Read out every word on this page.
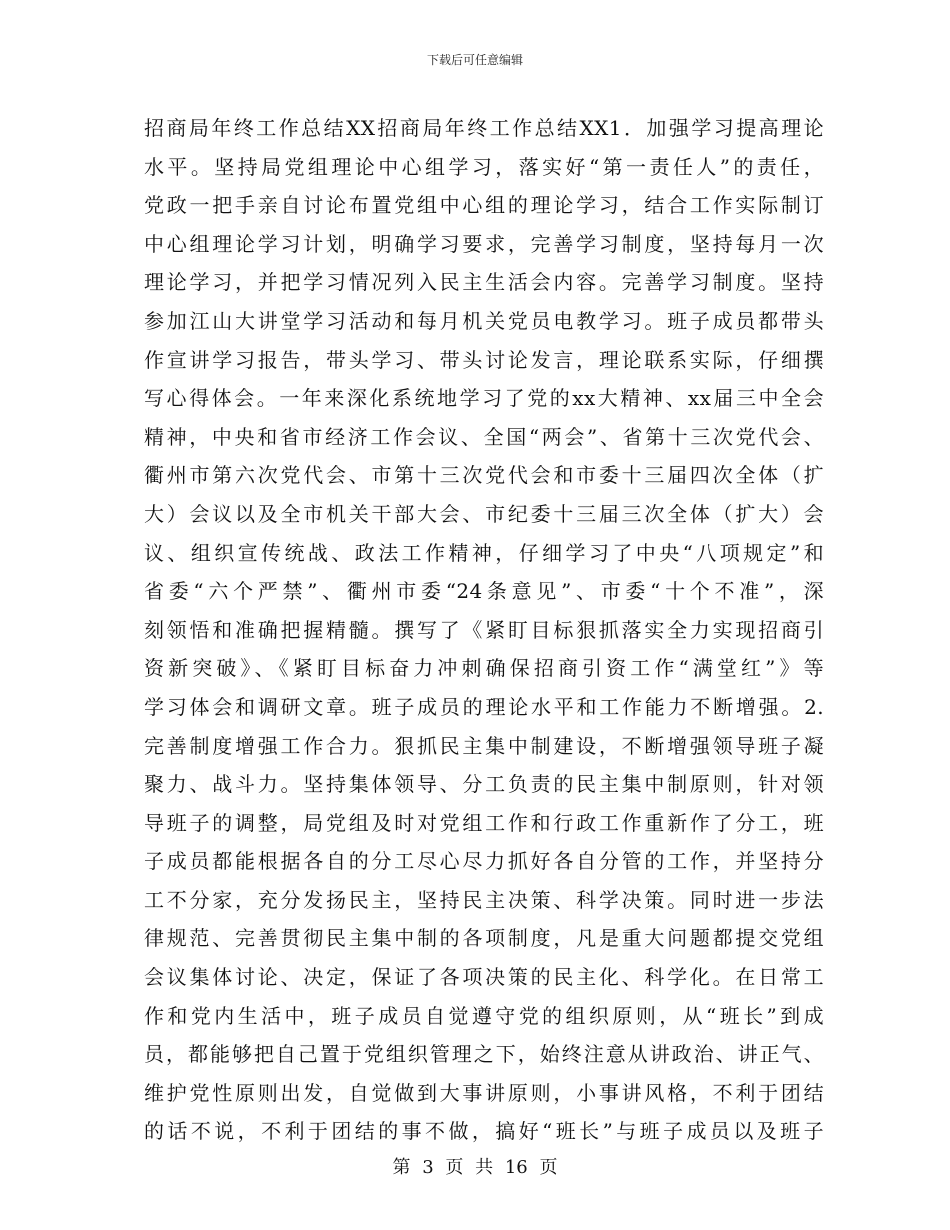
下载后可任意编辑
招商局年终工作总结XX招商局年终工作总结XX1．加强学习提高理论
水平。坚持局党组理论中心组学习，落实好“第一责任人”的责任，
党政一把手亲自讨论布置党组中心组的理论学习，结合工作实际制订
中心组理论学习计划，明确学习要求，完善学习制度，坚持每月一次
理论学习，并把学习情况列入民主生活会内容。完善学习制度。坚持
参加江山大讲堂学习活动和每月机关党员电教学习。班子成员都带头
作宣讲学习报告，带头学习、带头讨论发言，理论联系实际，仔细撰
写心得体会。一年来深化系统地学习了党的xx大精神、xx届三中全会
精神，中央和省市经济工作会议、全国“两会”、省第十三次党代会、
衢州市第六次党代会、市第十三次党代会和市委十三届四次全体（扩
大）会议以及全市机关干部大会、市纪委十三届三次全体（扩大）会
议、组织宣传统战、政法工作精神，仔细学习了中央“八项规定”和
省委“六个严禁”、衢州市委“24条意见”、市委“十个不准”，深
刻领悟和准确把握精髓。撰写了《紧盯目标狠抓落实全力实现招商引
资新突破》、《紧盯目标奋力冲刺确保招商引资工作“满堂红”》等
学习体会和调研文章。班子成员的理论水平和工作能力不断增强。2.
完善制度增强工作合力。狠抓民主集中制建设，不断增强领导班子凝
聚力、战斗力。坚持集体领导、分工负责的民主集中制原则，针对领
导班子的调整，局党组及时对党组工作和行政工作重新作了分工，班
子成员都能根据各自的分工尽心尽力抓好各自分管的工作，并坚持分
工不分家，充分发扬民主，坚持民主决策、科学决策。同时进一步法
律规范、完善贯彻民主集中制的各项制度，凡是重大问题都提交党组
会议集体讨论、决定，保证了各项决策的民主化、科学化。在日常工
作和党内生活中，班子成员自觉遵守党的组织原则，从“班长”到成
员，都能够把自己置于党组织管理之下，始终注意从讲政治、讲正气、
维护党性原则出发，自觉做到大事讲原则，小事讲风格，不利于团结
的话不说，不利于团结的事不做，搞好“班长”与班子成员以及班子
第 3 页 共 16 页
